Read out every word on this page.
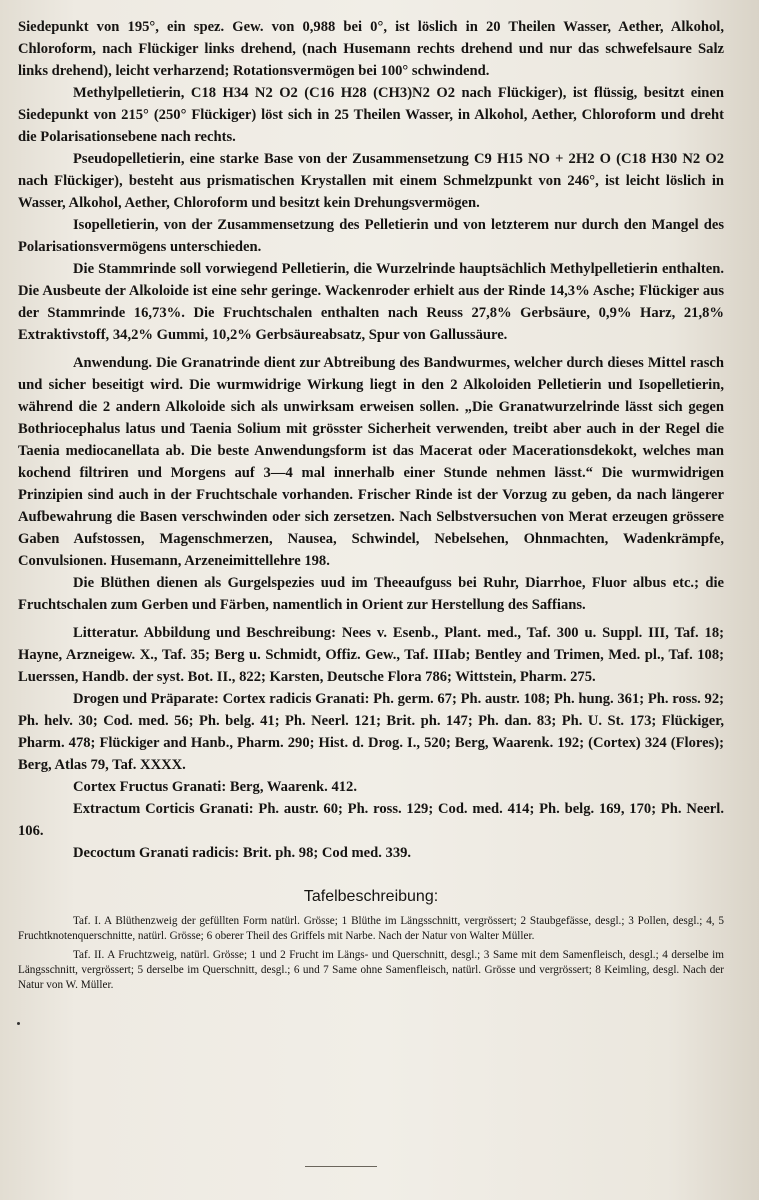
Siedepunkt von 195°, ein spez. Gew. von 0,988 bei 0°, ist löslich in 20 Theilen Wasser, Aether, Alkohol, Chloroform, nach Flückiger links drehend, (nach Husemann rechts drehend und nur das schwefelsaure Salz links drehend), leicht verharzend; Rotationsvermögen bei 100° schwindend.

Methylpelletierin, C18 H34 N2 O2 (C16 H28 (CH3)N2 O2 nach Flückiger), ist flüssig, besitzt einen Siedepunkt von 215° (250° Flückiger) löst sich in 25 Theilen Wasser, in Alkohol, Aether, Chloroform und dreht die Polarisationsebene nach rechts.

Pseudopelletierin, eine starke Base von der Zusammensetzung C9 H15 NO + 2H2 O (C18 H30 N2 O2 nach Flückiger), besteht aus prismatischen Krystallen mit einem Schmelzpunkt von 246°, ist leicht löslich in Wasser, Alkohol, Aether, Chloroform und besitzt kein Drehungsvermögen.

Isopelletierin, von der Zusammensetzung des Pelletierin und von letzterem nur durch den Mangel des Polarisationsvermögens unterschieden.

Die Stammrinde soll vorwiegend Pelletierin, die Wurzelrinde hauptsächlich Methylpelletierin enthalten. Die Ausbeute der Alkoloide ist eine sehr geringe. Wackenroder erhielt aus der Rinde 14,3% Asche; Flückiger aus der Stammrinde 16,73%. Die Fruchtschalen enthalten nach Reuss 27,8% Gerbsäure, 0,9% Harz, 21,8% Extraktivstoff, 34,2% Gummi, 10,2% Gerbsäureabsatz, Spur von Gallussäure.

Anwendung. Die Granatrinde dient zur Abtreibung des Bandwurmes, welcher durch dieses Mittel rasch und sicher beseitigt wird. Die wurmwidrige Wirkung liegt in den 2 Alkoloiden Pelletierin und Isopelletierin, während die 2 andern Alkoloide sich als unwirksam erweisen sollen. „Die Granatwurzelrinde lässt sich gegen Bothriocephalus latus und Taenia Solium mit grösster Sicherheit verwenden, treibt aber auch in der Regel die Taenia mediocanellata ab. Die beste Anwendungsform ist das Macerat oder Macerationsdekokt, welches man kochend filtriren und Morgens auf 3—4 mal innerhalb einer Stunde nehmen lässt.“ Die wurmwidrigen Prinzipien sind auch in der Fruchtschale vorhanden. Frischer Rinde ist der Vorzug zu geben, da nach längerer Aufbewahrung die Basen verschwinden oder sich zersetzen. Nach Selbstversuchen von Merat erzeugen grössere Gaben Aufstossen, Magenschmerzen, Nausea, Schwindel, Nebelsehen, Ohnmachten, Wadenkrämpfe, Convulsionen. Husemann, Arzeneimittellehre 198.

Die Blüthen dienen als Gurgelspezies uud im Theeaufguss bei Ruhr, Diarrhoe, Fluor albus etc.; die Fruchtschalen zum Gerben und Färben, namentlich in Orient zur Herstellung des Saffians.

Litteratur. Abbildung und Beschreibung: Nees v. Esenb., Plant. med., Taf. 300 u. Suppl. III, Taf. 18; Hayne, Arzneigew. X., Taf. 35; Berg u. Schmidt, Offiz. Gew., Taf. IIIab; Bentley and Trimen, Med. pl., Taf. 108; Luerssen, Handb. der syst. Bot. II., 822; Karsten, Deutsche Flora 786; Wittstein, Pharm. 275.

Drogen und Präparate: Cortex radicis Granati: Ph. germ. 67; Ph. austr. 108; Ph. hung. 361; Ph. ross. 92; Ph. helv. 30; Cod. med. 56; Ph. belg. 41; Ph. Neerl. 121; Brit. ph. 147; Ph. dan. 83; Ph. U. St. 173; Flückiger, Pharm. 478; Flückiger and Hanb., Pharm. 290; Hist. d. Drog. I., 520; Berg, Waarenk. 192; (Cortex) 324 (Flores); Berg, Atlas 79, Taf. XXXX.

Cortex Fructus Granati: Berg, Waarenk. 412.

Extractum Corticis Granati: Ph. austr. 60; Ph. ross. 129; Cod. med. 414; Ph. belg. 169, 170; Ph. Neerl. 106.

Decoctum Granati radicis: Brit. ph. 98; Cod med. 339.

Tafelbeschreibung:

Taf. I. A Blüthenzweig der gefüllten Form natürl. Grösse; 1 Blüthe im Längsschnitt, vergrössert; 2 Staubgefässe, desgl.; 3 Pollen, desgl.; 4, 5 Fruchtknotenquerschnitte, natürl. Grösse; 6 oberer Theil des Griffels mit Narbe. Nach der Natur von Walter Müller.

Taf. II. A Fruchtzweig, natürl. Grösse; 1 und 2 Frucht im Längs- und Querschnitt, desgl.; 3 Same mit dem Samenfleisch, desgl.; 4 derselbe im Längsschnitt, vergrössert; 5 derselbe im Querschnitt, desgl.; 6 und 7 Same ohne Samenfleisch, natürl. Grösse und vergrössert; 8 Keimling, desgl. Nach der Natur von W. Müller.
